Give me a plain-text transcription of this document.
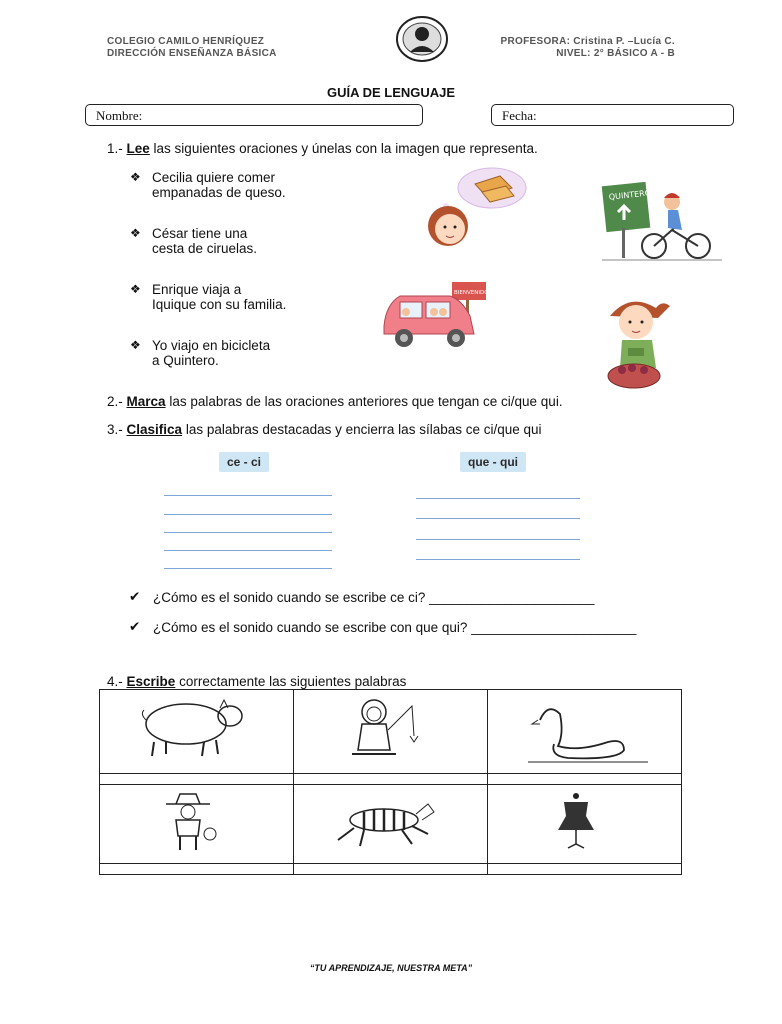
COLEGIO CAMILO HENRÍQUEZ
DIRECCIÓN ENSEÑANZA BÁSICA
PROFESORA: Cristina P. –Lucía C.
NIVEL: 2° BÁSICO A - B
GUÍA DE LENGUAJE
Nombre:	Fecha:
1.- Lee las siguientes oraciones y únelas con la imagen que representa.
❖ Cecilia quiere comer
empanadas de queso.
❖ César tiene una
cesta de ciruelas.
❖ Enrique viaja a
Iquique con su familia.
❖ Yo viajo en bicicleta
a Quintero.
QUINTERO
BIENVENIDOS
2.- Marca las palabras de las oraciones anteriores que tengan ce ci/que qui.
3.- Clasifica las palabras destacadas y encierra las sílabas ce ci/que qui
ce - ci	que - qui
✔ ¿Cómo es el sonido cuando se escribe ce ci? ______________________
✔ ¿Cómo es el sonido cuando se escribe con que qui? ______________________
4.- Escribe correctamente las siguientes palabras

“TU APRENDIZAJE, NUESTRA META”
